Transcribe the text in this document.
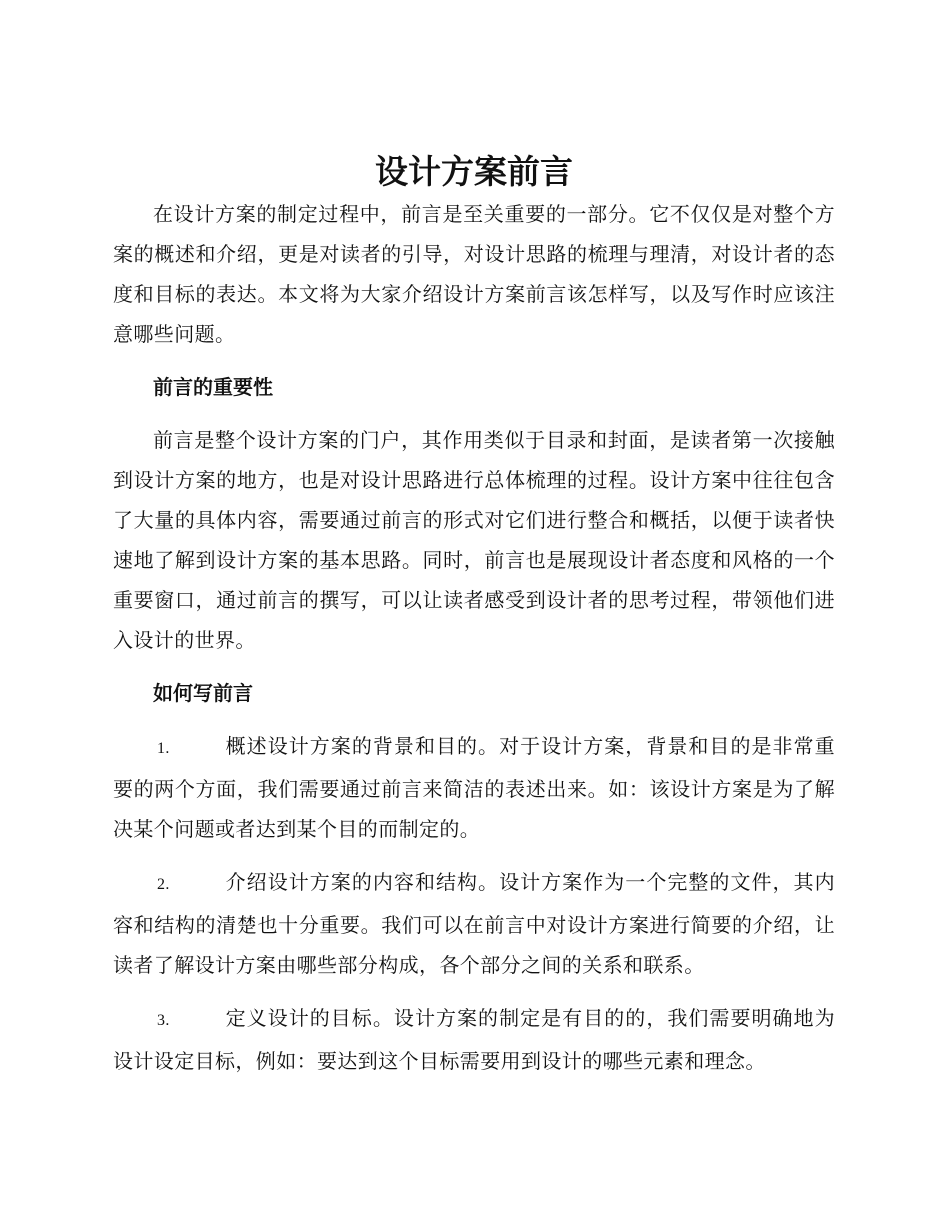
设计方案前言

在设计方案的制定过程中，前言是至关重要的一部分。它不仅仅是对整个方案的概述和介绍，更是对读者的引导，对设计思路的梳理与理清，对设计者的态度和目标的表达。本文将为大家介绍设计方案前言该怎样写，以及写作时应该注意哪些问题。

前言的重要性

前言是整个设计方案的门户，其作用类似于目录和封面，是读者第一次接触到设计方案的地方，也是对设计思路进行总体梳理的过程。设计方案中往往包含了大量的具体内容，需要通过前言的形式对它们进行整合和概括，以便于读者快速地了解到设计方案的基本思路。同时，前言也是展现设计者态度和风格的一个重要窗口，通过前言的撰写，可以让读者感受到设计者的思考过程，带领他们进入设计的世界。

如何写前言
1.	概述设计方案的背景和目的。对于设计方案，背景和目的是非常重要的两个方面，我们需要通过前言来简洁的表述出来。如：该设计方案是为了解决某个问题或者达到某个目的而制定的。
2.	介绍设计方案的内容和结构。设计方案作为一个完整的文件，其内容和结构的清楚也十分重要。我们可以在前言中对设计方案进行简要的介绍，让读者了解设计方案由哪些部分构成，各个部分之间的关系和联系。
3.	定义设计的目标。设计方案的制定是有目的的，我们需要明确地为设计设定目标，例如：要达到这个目标需要用到设计的哪些元素和理念。
